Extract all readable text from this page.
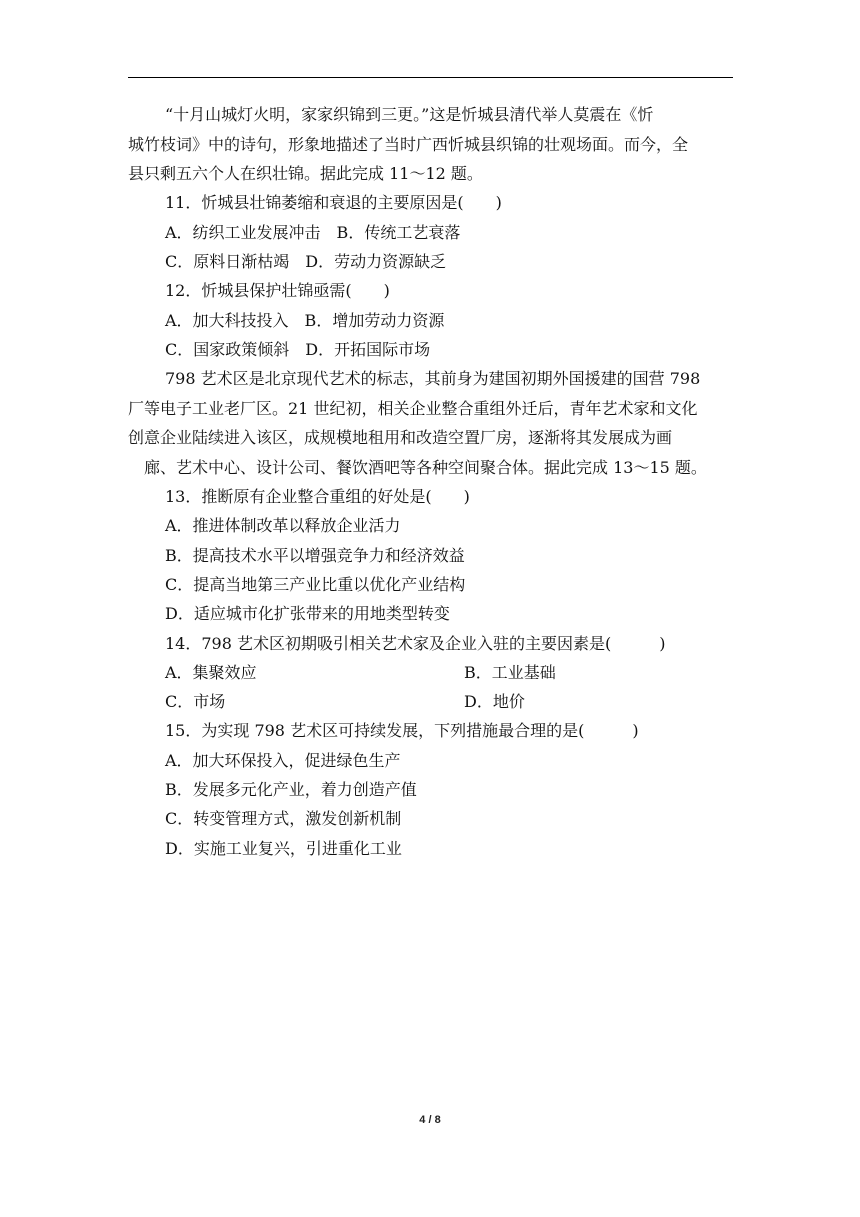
“十月山城灯火明，家家织锦到三更。”这是忻城县清代举人莫震在《忻
城竹枝词》中的诗句，形象地描述了当时广西忻城县织锦的壮观场面。而今，全
县只剩五六个人在织壮锦。据此完成 11～12 题。
11．忻城县壮锦萎缩和衰退的主要原因是(　　)
A．纺织工业发展冲击　B．传统工艺衰落
C．原料日渐枯竭　D．劳动力资源缺乏
12．忻城县保护壮锦亟需(　　)
A．加大科技投入　B．增加劳动力资源
C．国家政策倾斜　D．开拓国际市场
798 艺术区是北京现代艺术的标志，其前身为建国初期外国援建的国营 798
厂等电子工业老厂区。21 世纪初，相关企业整合重组外迁后，青年艺术家和文化
创意企业陆续进入该区，成规模地租用和改造空置厂房，逐渐将其发展成为画
廊、艺术中心、设计公司、餐饮酒吧等各种空间聚合体。据此完成 13～15 题。
13．推断原有企业整合重组的好处是(　　)
A．推进体制改革以释放企业活力
B．提高技术水平以增强竞争力和经济效益
C．提高当地第三产业比重以优化产业结构
D．适应城市化扩张带来的用地类型转变
14．798 艺术区初期吸引相关艺术家及企业入驻的主要因素是(　　　)
A．集聚效应	B．工业基础
C．市场	D．地价
15．为实现 798 艺术区可持续发展，下列措施最合理的是(　　　)
A．加大环保投入，促进绿色生产
B．发展多元化产业，着力创造产值
C．转变管理方式，激发创新机制
D．实施工业复兴，引进重化工业
4 / 8
